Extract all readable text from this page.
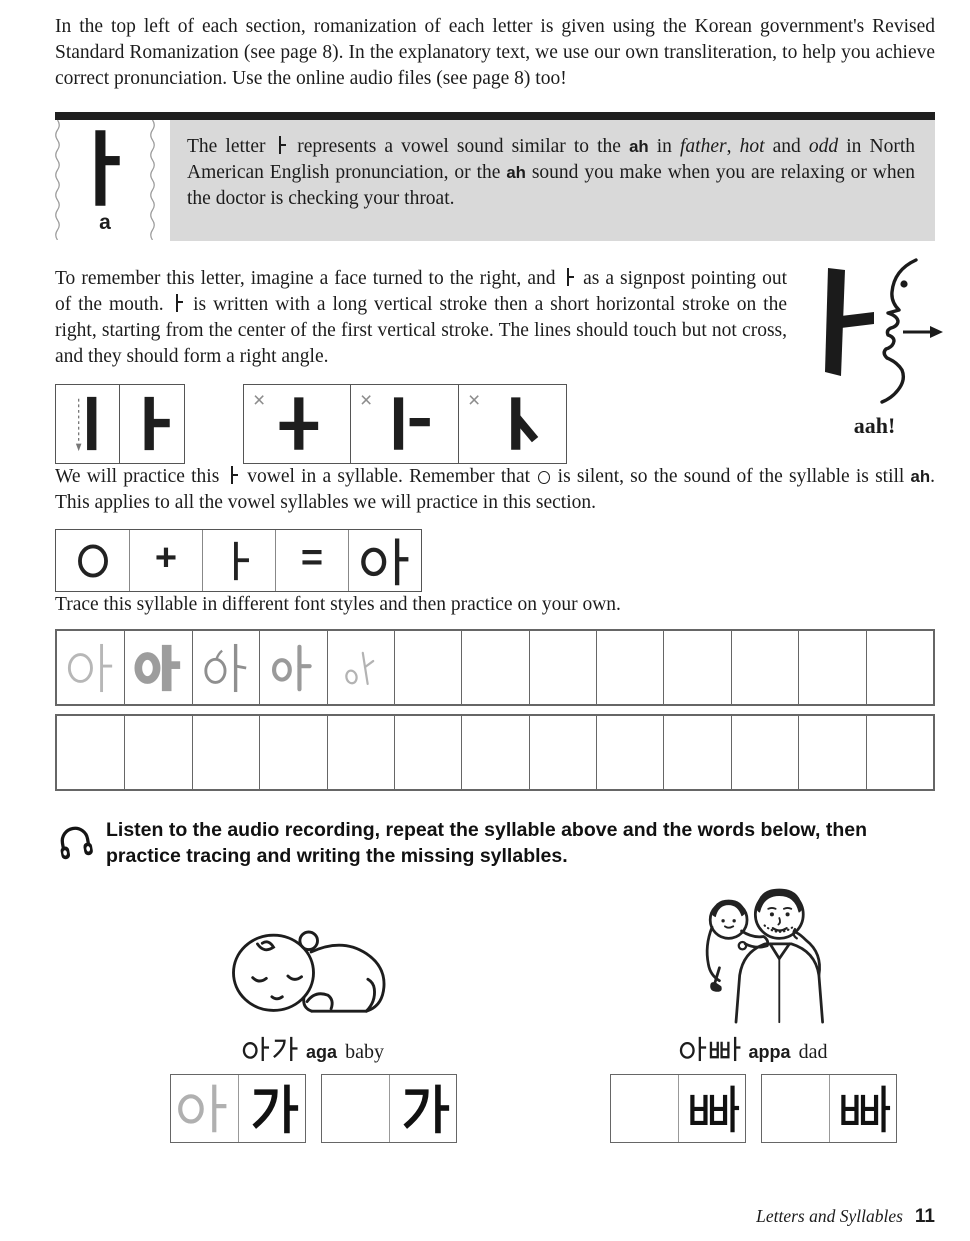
In the top left of each section, romanization of each letter is given using the Korean government's Revised Standard Romanization (see page 8). In the explanatory text, we use our own transliteration, to help you achieve correct pronunciation. Use the online audio files (see page 8) too!

a
The letter  represents a vowel sound similar to the ah in father, hot and odd in North American English pronunciation, or the ah sound you make when you are relaxing or when the doctor is checking your throat.

To remember this letter, imagine a face turned to the right, and  as a signpost pointing out of the mouth.  is written with a long vertical stroke then a short horizontal stroke on the right, starting from the center of the first vertical stroke. The lines should touch but not cross, and they should form a right angle.

aah!
×	×	×

We will practice this  vowel in a syllable. Remember that  is silent, so the sound of the syllable is still ah. This applies to all the vowel syllables we will practice in this section.

+	=

Trace this syllable in different font styles and then practice on your own.

Listen to the audio recording, repeat the syllable above and the words below, then practice tracing and writing the missing syllables.

aga baby	appa dad
Letters and Syllables 11
